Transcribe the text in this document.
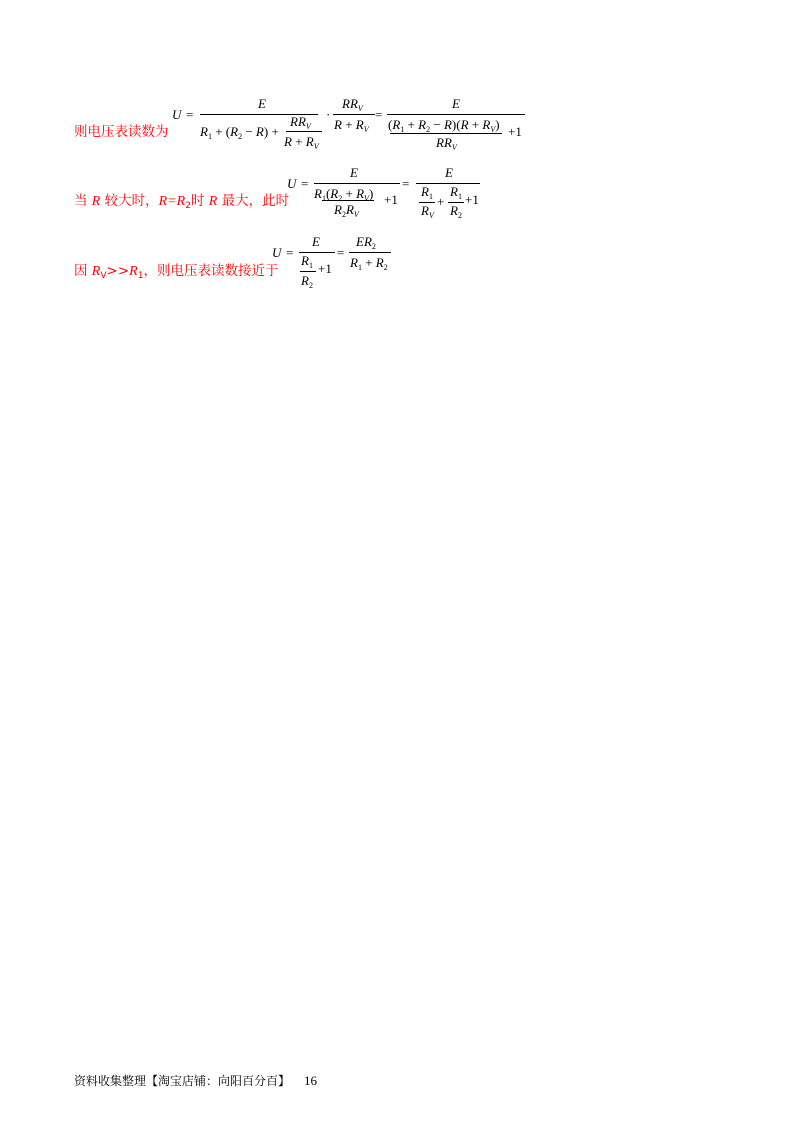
则电压表读数为
U =
E
$R_1 + (R_2 - R)$ +
$RR_V$
$R + R_V$
·
$RR_V$
$R + R_V$
=
E
$(R_1 + R_2 - R)(R + R_V) +1$
$RR_V$
当 R 较大时，$R=R_2$时 R 最大，此时
U =
E
$R_1(R_2 + R_V) +1$
$R_2R_V$
=
E
$R_1$
$R_V$
+
$R_1$
$R_2$
+1
因 $R_V>>R_1$，则电压表读数接近于
U =
E
$R_1$
$R_2$
+1
=
$ER_2$
$R_1 + R_2$
资料收集整理【淘宝店铺：向阳百分百】 16
